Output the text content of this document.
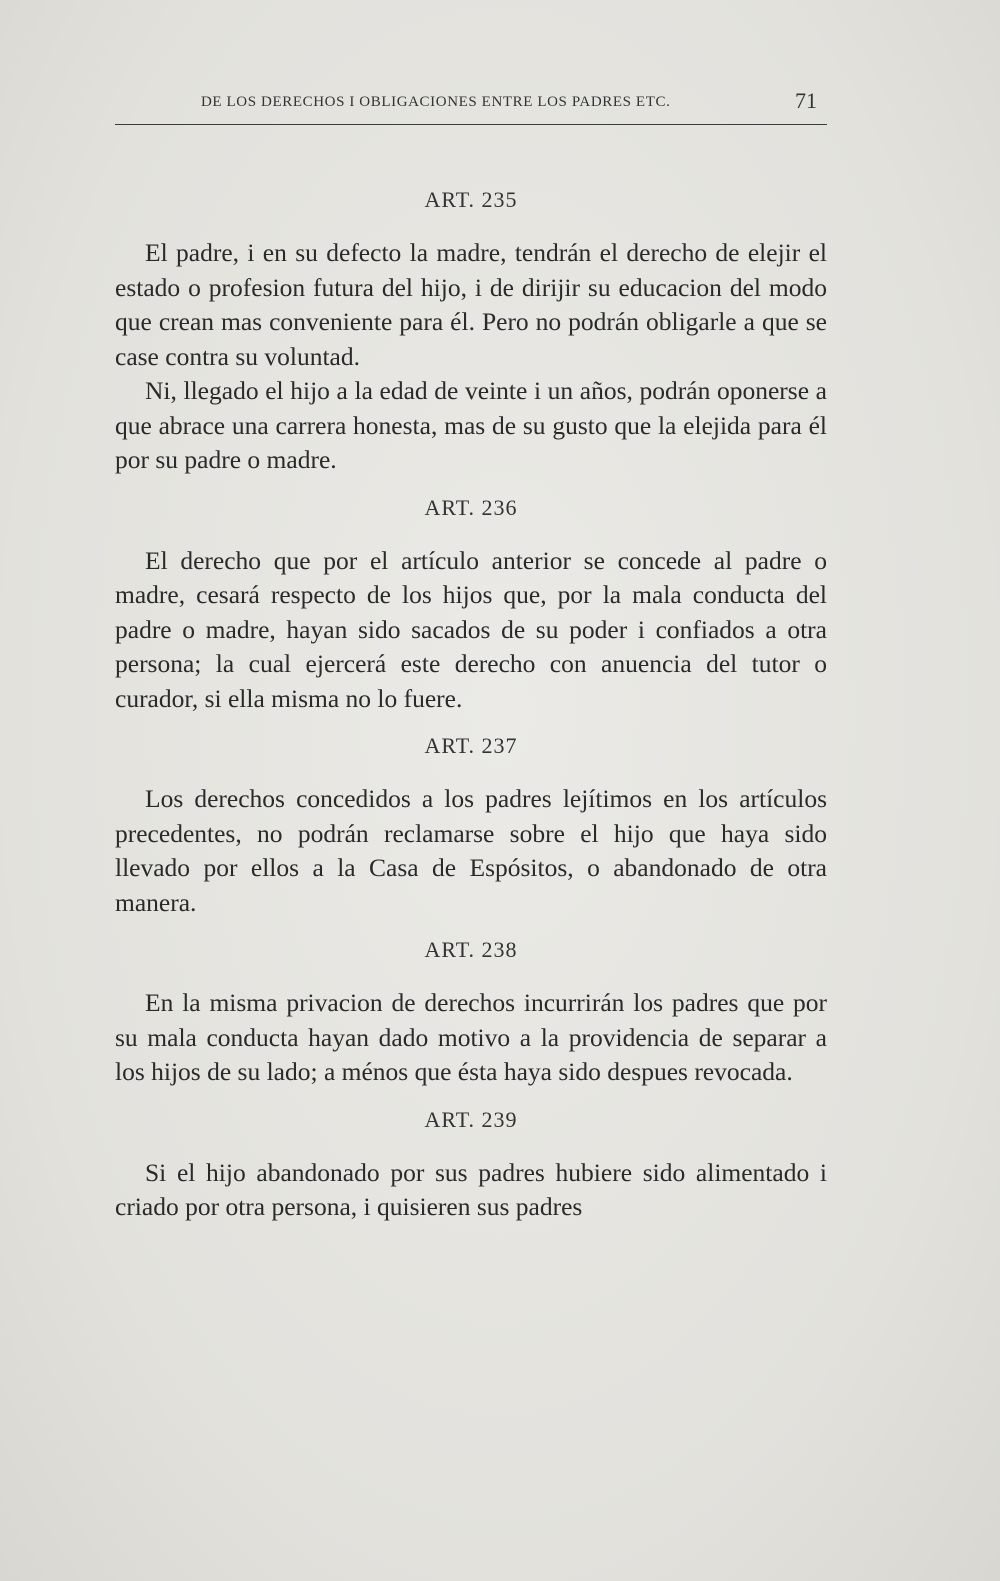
DE LOS DERECHOS I OBLIGACIONES ENTRE LOS PADRES ETC.	71
ART. 235

El padre, i en su defecto la madre, tendrán el derecho de elejir el estado o profesion futura del hijo, i de dirijir su educacion del modo que crean mas conveniente para él. Pero no podrán obligarle a que se case contra su voluntad.

Ni, llegado el hijo a la edad de veinte i un años, podrán oponerse a que abrace una carrera honesta, mas de su gusto que la elejida para él por su padre o madre.

ART. 236

El derecho que por el artículo anterior se concede al padre o madre, cesará respecto de los hijos que, por la mala conducta del padre o madre, hayan sido sacados de su poder i confiados a otra persona; la cual ejercerá este derecho con anuencia del tutor o curador, si ella misma no lo fuere.

ART. 237

Los derechos concedidos a los padres lejítimos en los artículos precedentes, no podrán reclamarse sobre el hijo que haya sido llevado por ellos a la Casa de Espósitos, o abandonado de otra manera.

ART. 238

En la misma privacion de derechos incurrirán los padres que por su mala conducta hayan dado motivo a la providencia de separar a los hijos de su lado; a ménos que ésta haya sido despues revocada.

ART. 239

Si el hijo abandonado por sus padres hubiere sido alimentado i criado por otra persona, i quisieren sus padres
